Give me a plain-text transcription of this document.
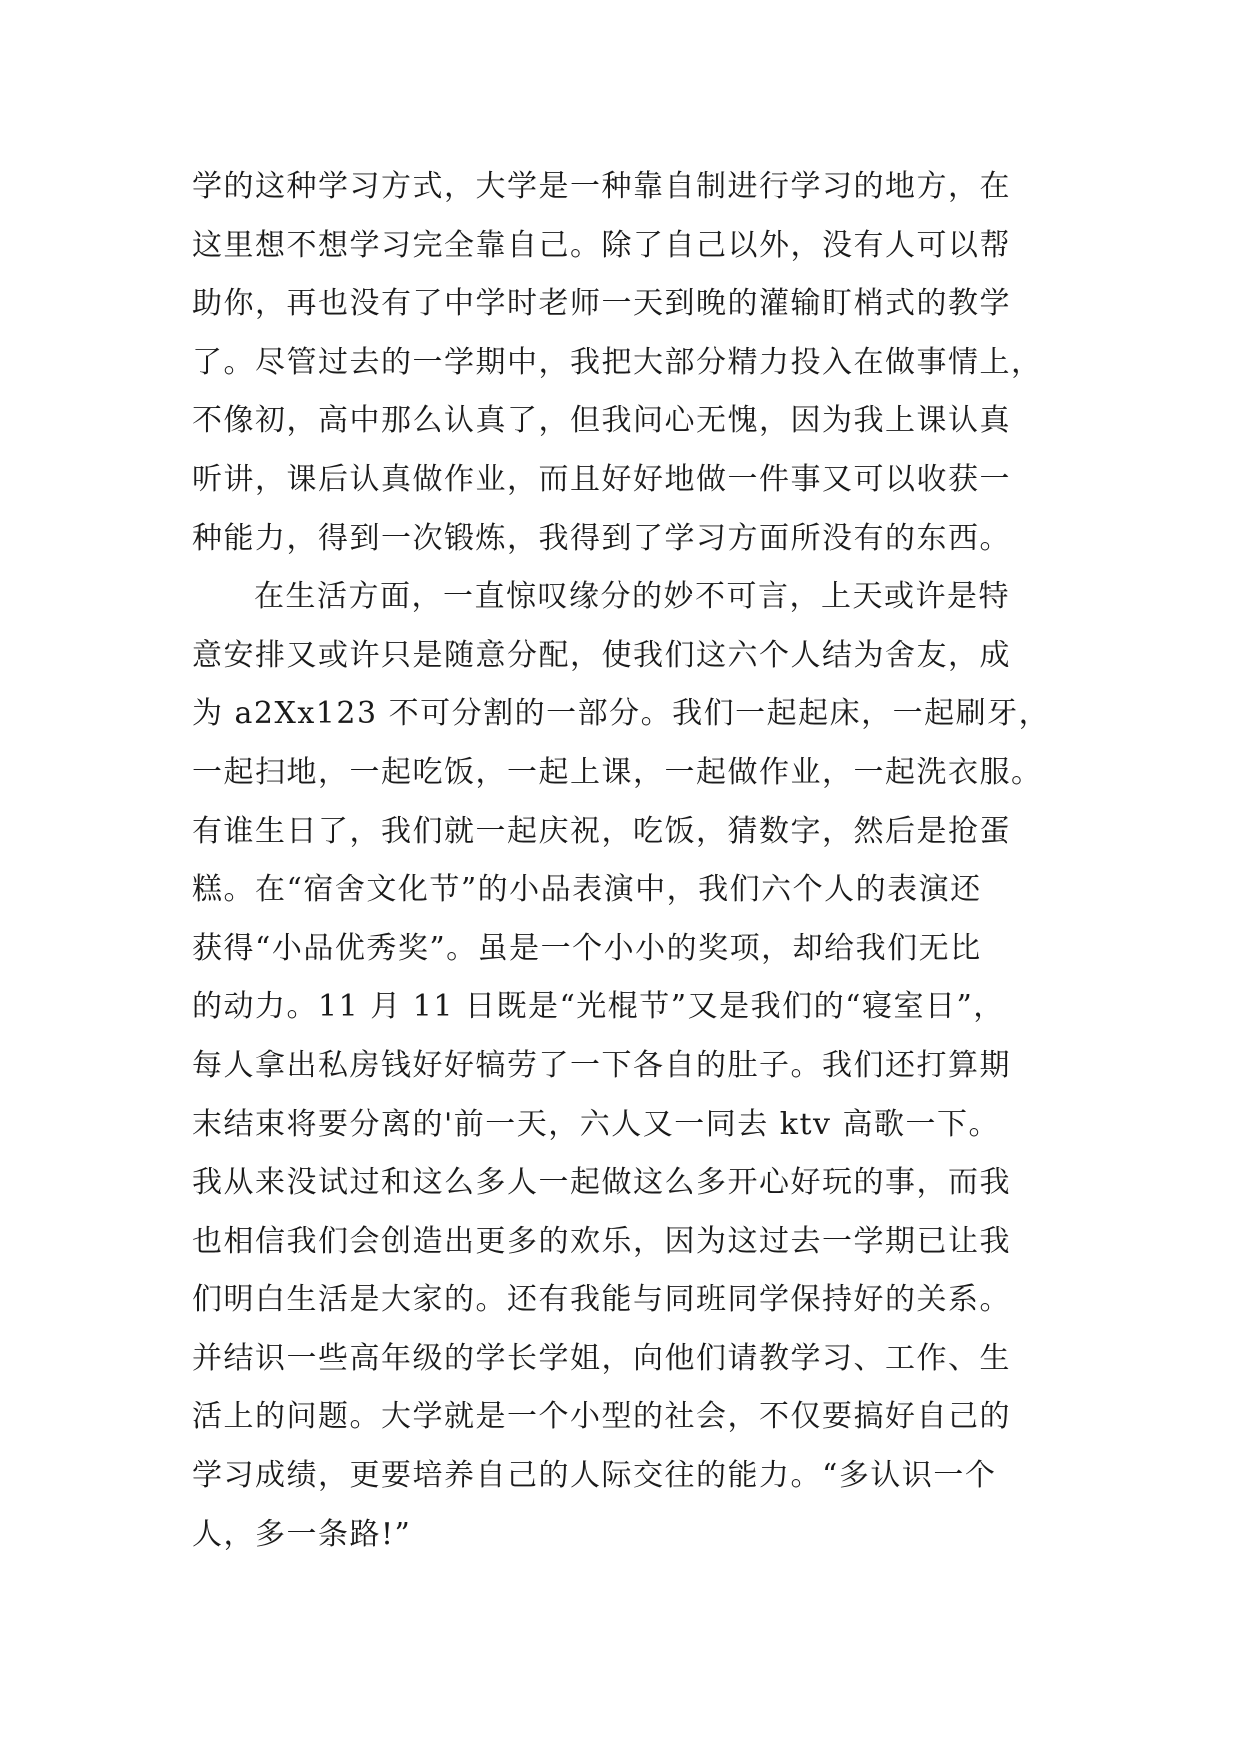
学的这种学习方式，大学是一种靠自制进行学习的地方，在
这里想不想学习完全靠自己。除了自己以外，没有人可以帮
助你，再也没有了中学时老师一天到晚的灌输盯梢式的教学
了。尽管过去的一学期中，我把大部分精力投入在做事情上，
不像初，高中那么认真了，但我问心无愧，因为我上课认真
听讲，课后认真做作业，而且好好地做一件事又可以收获一
种能力，得到一次锻炼，我得到了学习方面所没有的东西。
在生活方面，一直惊叹缘分的妙不可言，上天或许是特
意安排又或许只是随意分配，使我们这六个人结为舍友，成
为 a2Xx123 不可分割的一部分。我们一起起床，一起刷牙，
一起扫地，一起吃饭，一起上课，一起做作业，一起洗衣服。
有谁生日了，我们就一起庆祝，吃饭，猜数字，然后是抢蛋
糕。在“宿舍文化节”的小品表演中，我们六个人的表演还
获得“小品优秀奖”。虽是一个小小的奖项，却给我们无比
的动力。11 月 11 日既是“光棍节”又是我们的“寝室日”，
每人拿出私房钱好好犒劳了一下各自的肚子。我们还打算期
末结束将要分离的'前一天，六人又一同去 ktv 高歌一下。
我从来没试过和这么多人一起做这么多开心好玩的事，而我
也相信我们会创造出更多的欢乐，因为这过去一学期已让我
们明白生活是大家的。还有我能与同班同学保持好的关系。
并结识一些高年级的学长学姐，向他们请教学习、工作、生
活上的问题。大学就是一个小型的社会，不仅要搞好自己的
学习成绩，更要培养自己的人际交往的能力。“多认识一个
人，多一条路!”
